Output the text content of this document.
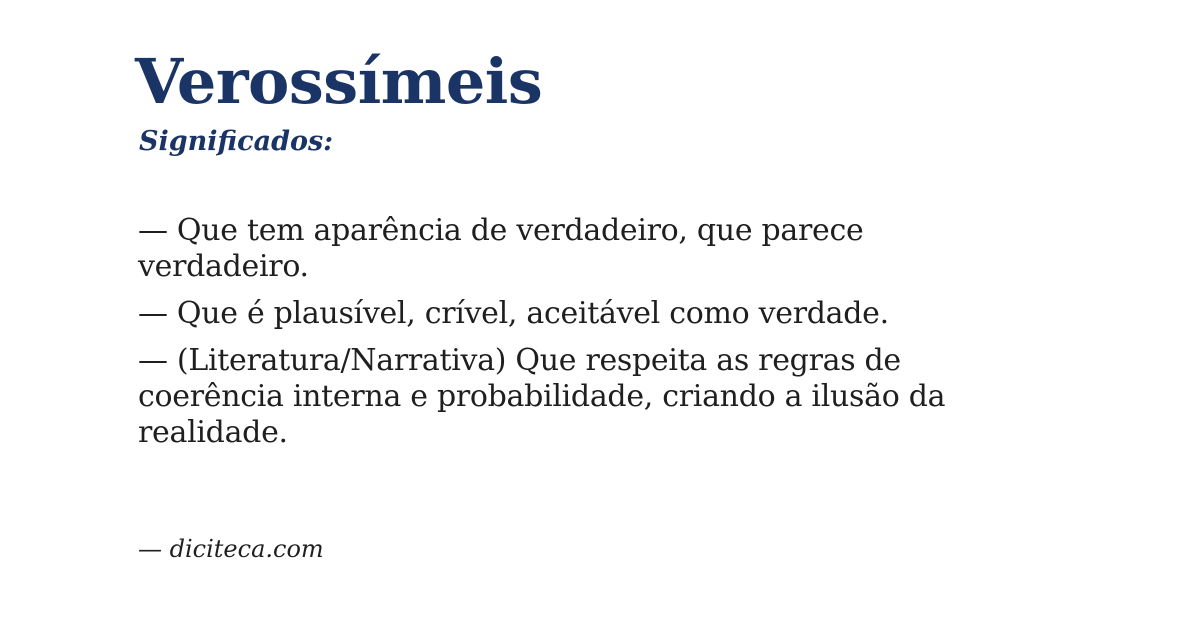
Verossímeis
Significados:

— Que tem aparência de verdadeiro, que parece verdadeiro.

— Que é plausível, crível, aceitável como verdade.

— (Literatura/Narrativa) Que respeita as regras de coerência interna e probabilidade, criando a ilusão da realidade.

— diciteca.com
